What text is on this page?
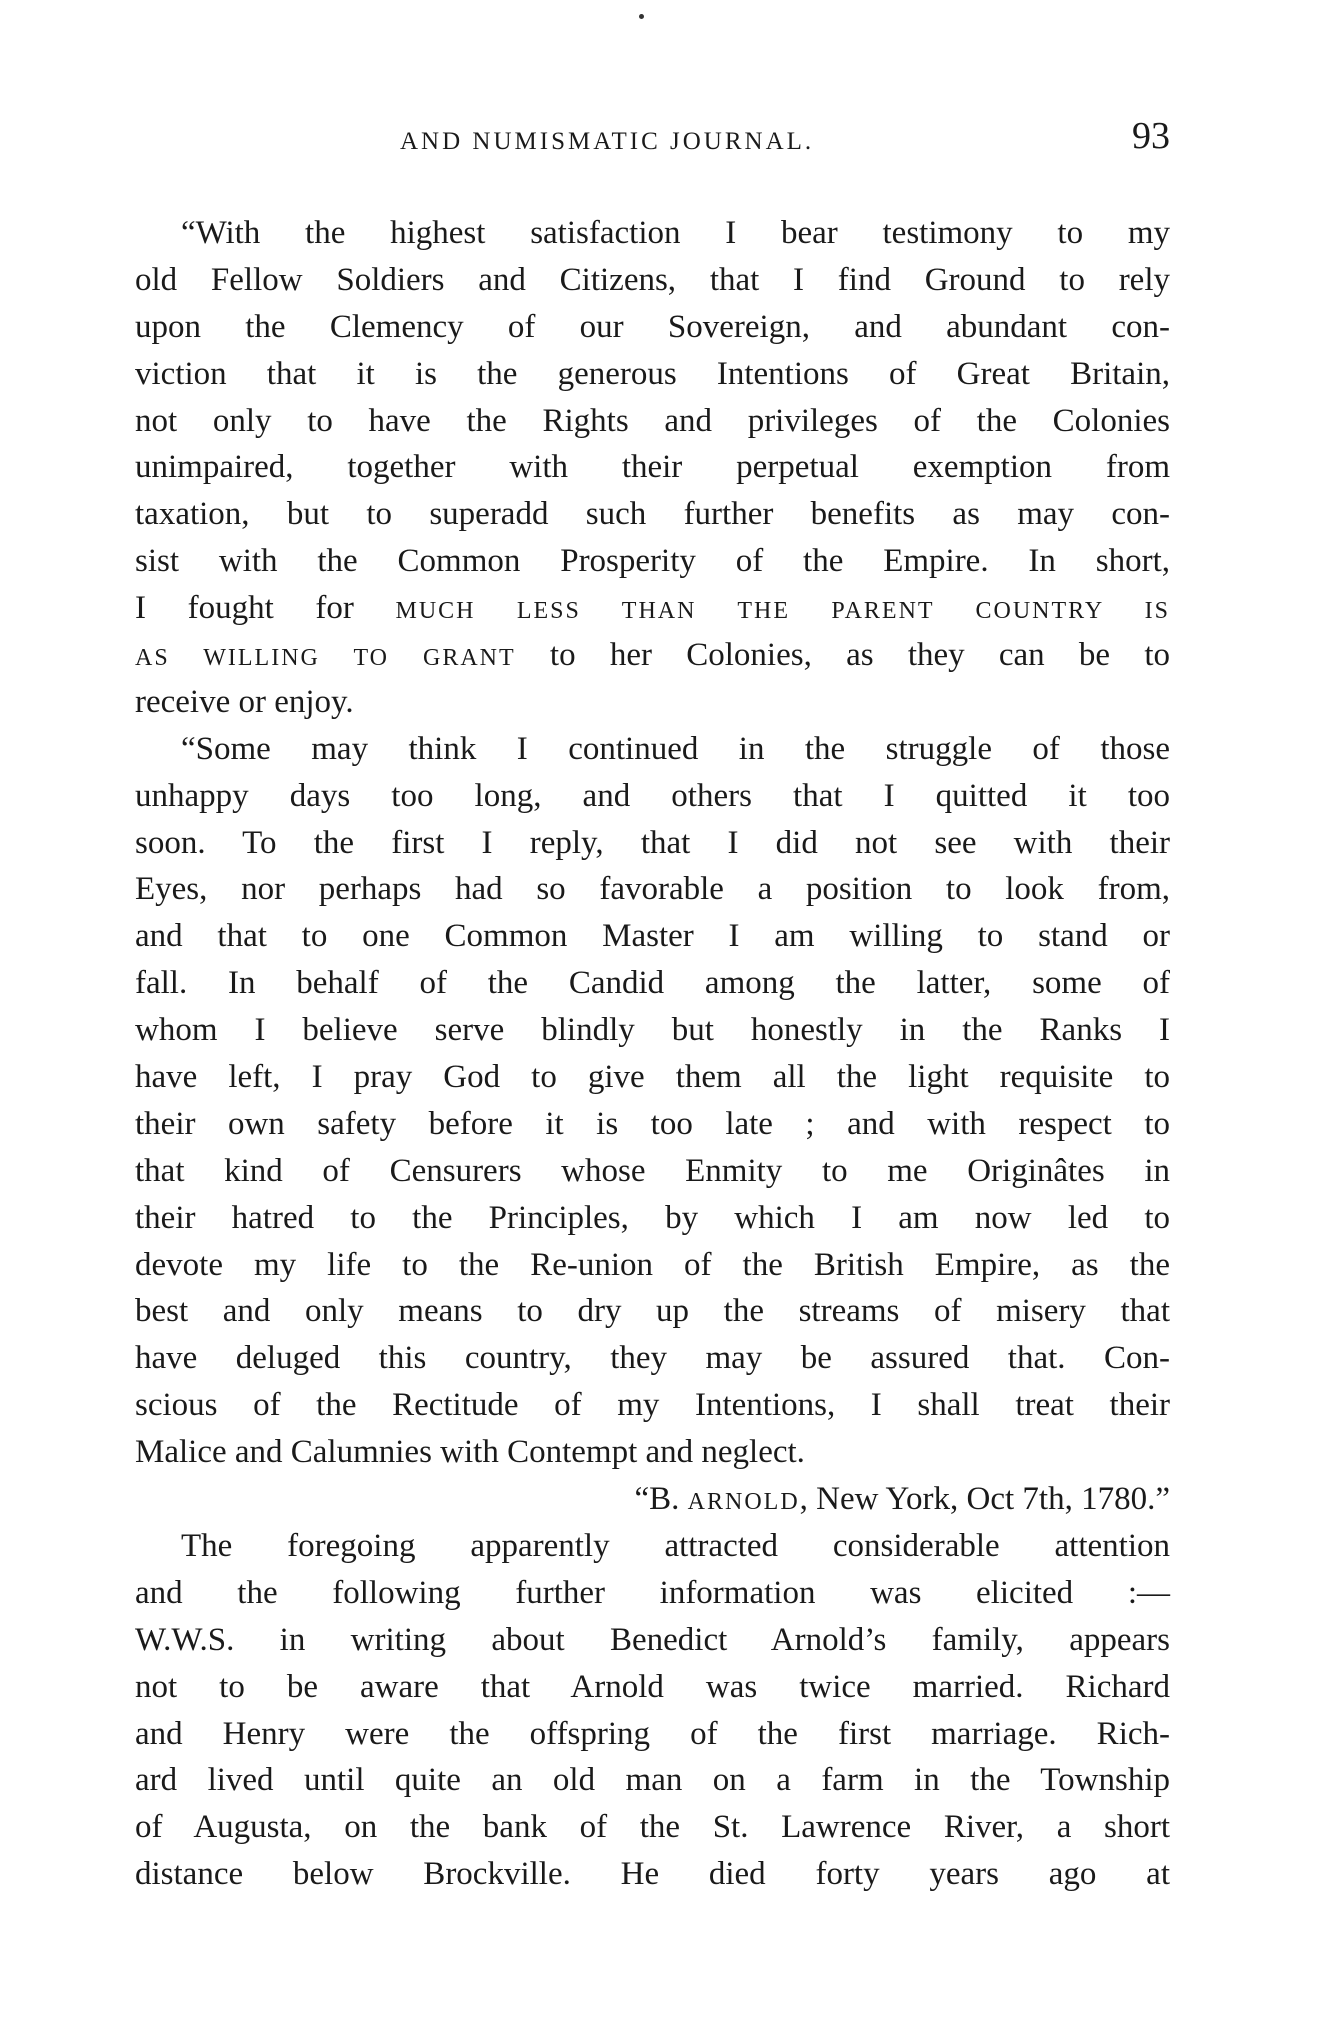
AND NUMISMATIC JOURNAL.	93
“With the highest satisfaction I bear testimony to my
old Fellow Soldiers and Citizens, that I find Ground to rely
upon the Clemency of our Sovereign, and abundant con-
viction that it is the generous Intentions of Great Britain,
not only to have the Rights and privileges of the Colonies
unimpaired, together with their perpetual exemption from
taxation, but to superadd such further benefits as may con-
sist with the Common Prosperity of the Empire. In short,
I fought for MUCH LESS THAN THE PARENT COUNTRY IS
AS WILLING TO GRANT to her Colonies, as they can be to
receive or enjoy.
“Some may think I continued in the struggle of those
unhappy days too long, and others that I quitted it too
soon. To the first I reply, that I did not see with their
Eyes, nor perhaps had so favorable a position to look from,
and that to one Common Master I am willing to stand or
fall. In behalf of the Candid among the latter, some of
whom I believe serve blindly but honestly in the Ranks I
have left, I pray God to give them all the light requisite to
their own safety before it is too late ; and with respect to
that kind of Censurers whose Enmity to me Originâtes in
their hatred to the Principles, by which I am now led to
devote my life to the Re-union of the British Empire, as the
best and only means to dry up the streams of misery that
have deluged this country, they may be assured that. Con-
scious of the Rectitude of my Intentions, I shall treat their
Malice and Calumnies with Contempt and neglect.
“B. ARNOLD, New York, Oct 7th, 1780.”
The foregoing apparently attracted considerable attention
and the following further information was elicited :—
W.W.S. in writing about Benedict Arnold’s family, appears
not to be aware that Arnold was twice married. Richard
and Henry were the offspring of the first marriage. Rich-
ard lived until quite an old man on a farm in the Township
of Augusta, on the bank of the St. Lawrence River, a short
distance below Brockville. He died forty years ago at
